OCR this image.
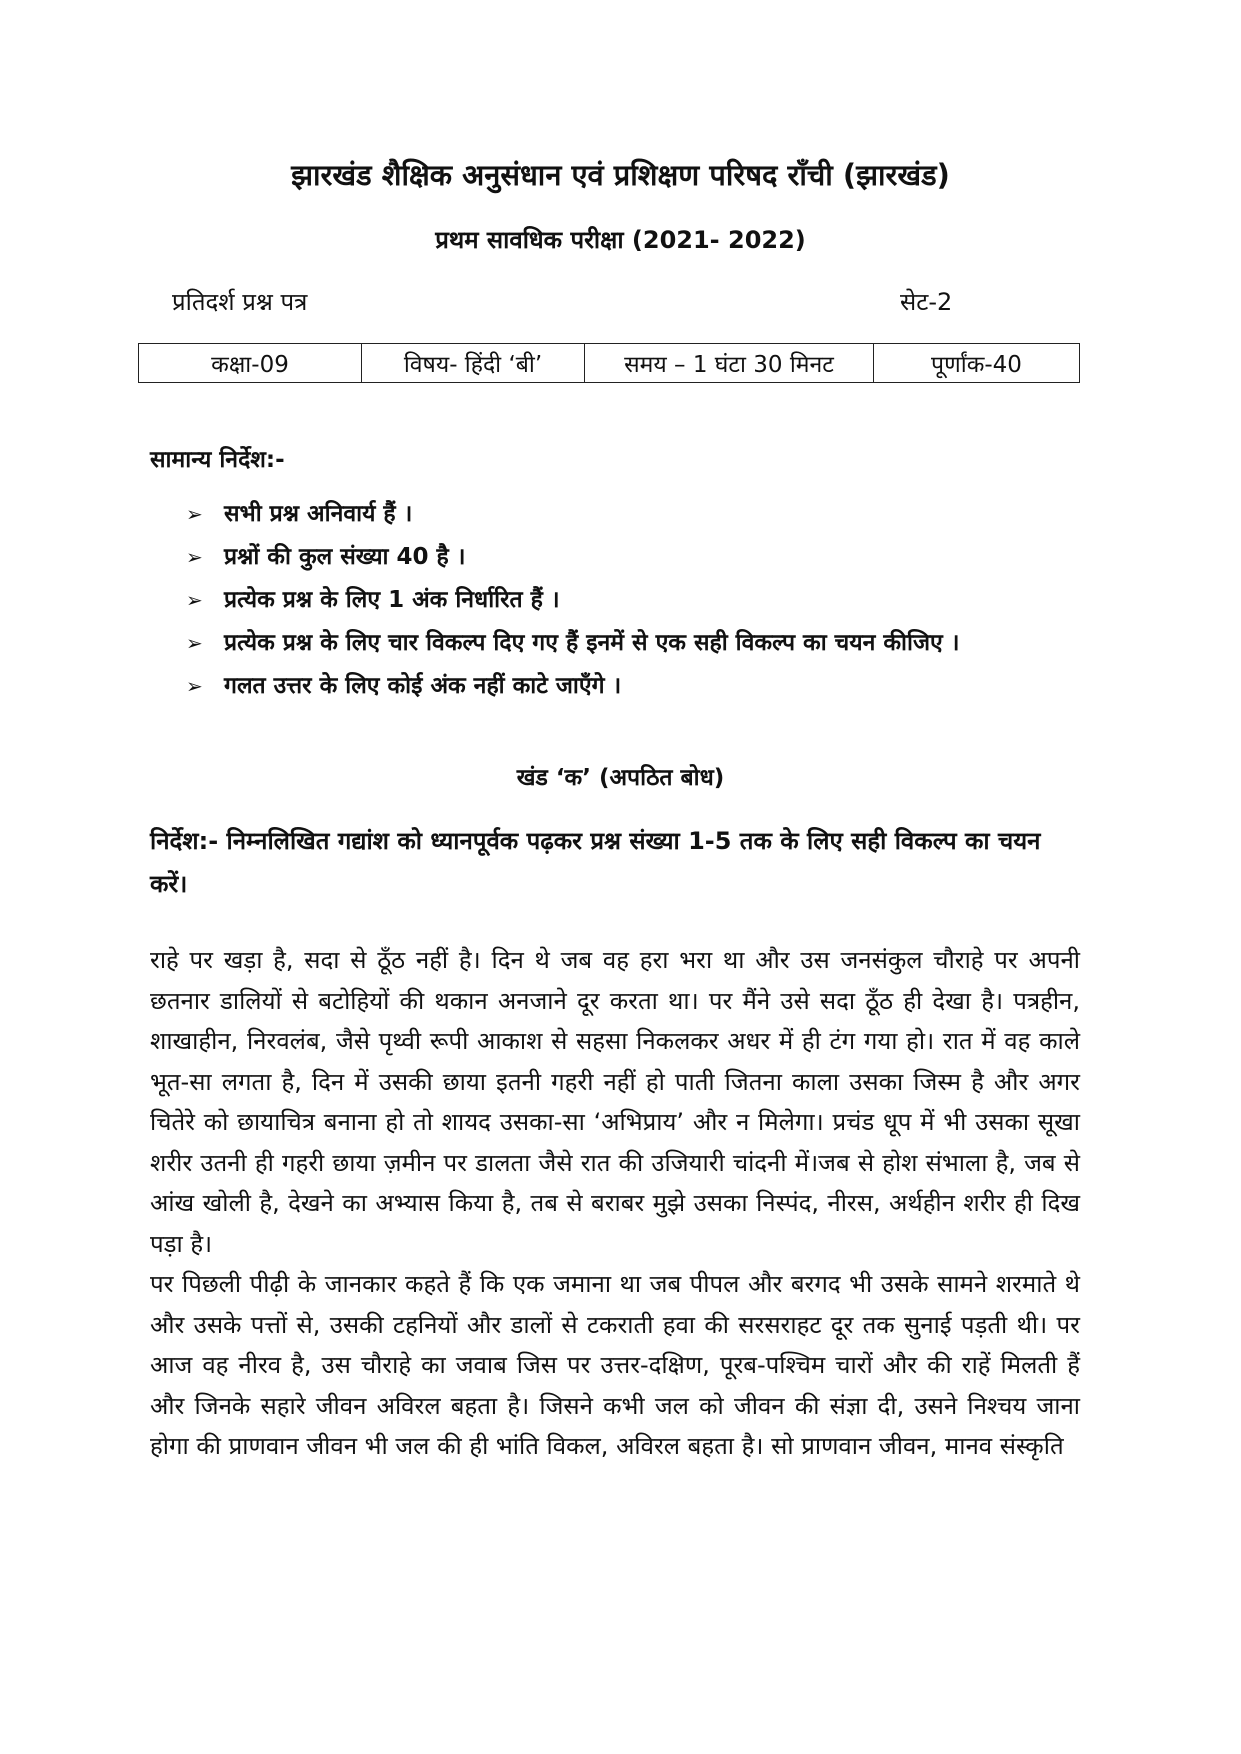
झारखंड शैक्षिक अनुसंधान एवं प्रशिक्षण परिषद राँची (झारखंड)
प्रथम सावधिक परीक्षा (2021- 2022)
प्रतिदर्श प्रश्न पत्र	सेट-2
कक्षा-09	विषय- हिंदी ‘बी’	समय – 1 घंटा 30 मिनट	पूर्णांक-40
सामान्य निर्देश:-
➢ सभी प्रश्न अनिवार्य हैं ।
➢ प्रश्नों की कुल संख्या 40 है ।
➢ प्रत्येक प्रश्न के लिए 1 अंक निर्धारित हैं ।
➢ प्रत्येक प्रश्न के लिए चार विकल्प दिए गए हैं इनमें से एक सही विकल्प का चयन कीजिए ।
➢ गलत उत्तर के लिए कोई अंक नहीं काटे जाएँगे ।
खंड ‘क’ (अपठित बोध)

निर्देश:- निम्नलिखित गद्यांश को ध्यानपूर्वक पढ़कर प्रश्न संख्या 1-5 तक के लिए सही विकल्प का चयन करें।

राहे पर खड़ा है, सदा से ठूँठ नहीं है। दिन थे जब वह हरा भरा था और उस जनसंकुल चौराहे पर अपनी छतनार डालियों से बटोहियों की थकान अनजाने दूर करता था। पर मैंने उसे सदा ठूँठ ही देखा है। पत्रहीन, शाखाहीन, निरवलंब, जैसे पृथ्वी रूपी आकाश से सहसा निकलकर अधर में ही टंग गया हो। रात में वह काले भूत-सा लगता है, दिन में उसकी छाया इतनी गहरी नहीं हो पाती जितना काला उसका जिस्म है और अगर चितेरे को छायाचित्र बनाना हो तो शायद उसका-सा ‘अभिप्राय’ और न मिलेगा। प्रचंड धूप में भी उसका सूखा शरीर उतनी ही गहरी छाया ज़मीन पर डालता जैसे रात की उजियारी चांदनी में।जब से होश संभाला है, जब से आंख खोली है, देखने का अभ्यास किया है, तब से बराबर मुझे उसका निस्पंद, नीरस, अर्थहीन शरीर ही दिख पड़ा है।

पर पिछली पीढ़ी के जानकार कहते हैं कि एक जमाना था जब पीपल और बरगद भी उसके सामने शरमाते थे और उसके पत्तों से, उसकी टहनियों और डालों से टकराती हवा की सरसराहट दूर तक सुनाई पड़ती थी। पर आज वह नीरव है, उस चौराहे का जवाब जिस पर उत्तर-दक्षिण, पूरब-पश्चिम चारों और की राहें मिलती हैं और जिनके सहारे जीवन अविरल बहता है। जिसने कभी जल को जीवन की संज्ञा दी, उसने निश्चय जाना होगा की प्राणवान जीवन भी जल की ही भांति विकल, अविरल बहता है। सो प्राणवान जीवन, मानव संस्कृति
